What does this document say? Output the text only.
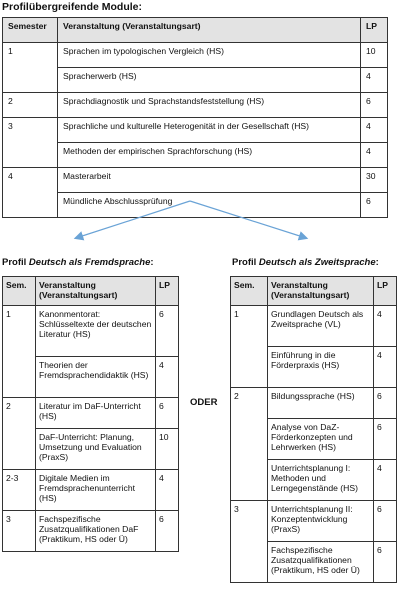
Profilübergreifende Module:
Semester	Veranstaltung (Veranstaltungsart)	LP
1	Sprachen im typologischen Vergleich (HS)	10
	Spracherwerb (HS)	4
2	Sprachdiagnostik und Sprachstandsfeststellung (HS)	6
3	Sprachliche und kulturelle Heterogenität in der Gesellschaft (HS)	4
	Methoden der empirischen Sprachforschung (HS)	4
4	Masterarbeit	30
	Mündliche Abschlussprüfung	6
Profil Deutsch als Fremdsprache:	Profil Deutsch als Zweitsprache:
Sem.	Veranstaltung (Veranstaltungsart)	LP
1	Kanonmentorat: Schlüsseltexte der deutschen Literatur (HS)	6
	Theorien der Fremdsprachendidaktik (HS)	4
2	Literatur im DaF-Unterricht (HS)	6
	DaF-Unterricht: Planung, Umsetzung und Evaluation (PraxS)	10
2-3	Digitale Medien im Fremdsprachenunterricht (HS)	4
3	Fachspezifische Zusatzqualifikationen DaF (Praktikum, HS oder Ü)	6
ODER
Sem.	Veranstaltung (Veranstaltungsart)	LP
1	Grundlagen Deutsch als Zweitsprache (VL)	4
	Einführung in die Förderpraxis (HS)	4
2	Bildungssprache (HS)	6
	Analyse von DaZ-Förderkonzepten und Lehrwerken (HS)	6
	Unterrichtsplanung I: Methoden und Lerngegenstände (HS)	4
3	Unterrichtsplanung II: Konzeptentwicklung (PraxS)	6
	Fachspezifische Zusatzqualifikationen (Praktikum, HS oder Ü)	6
